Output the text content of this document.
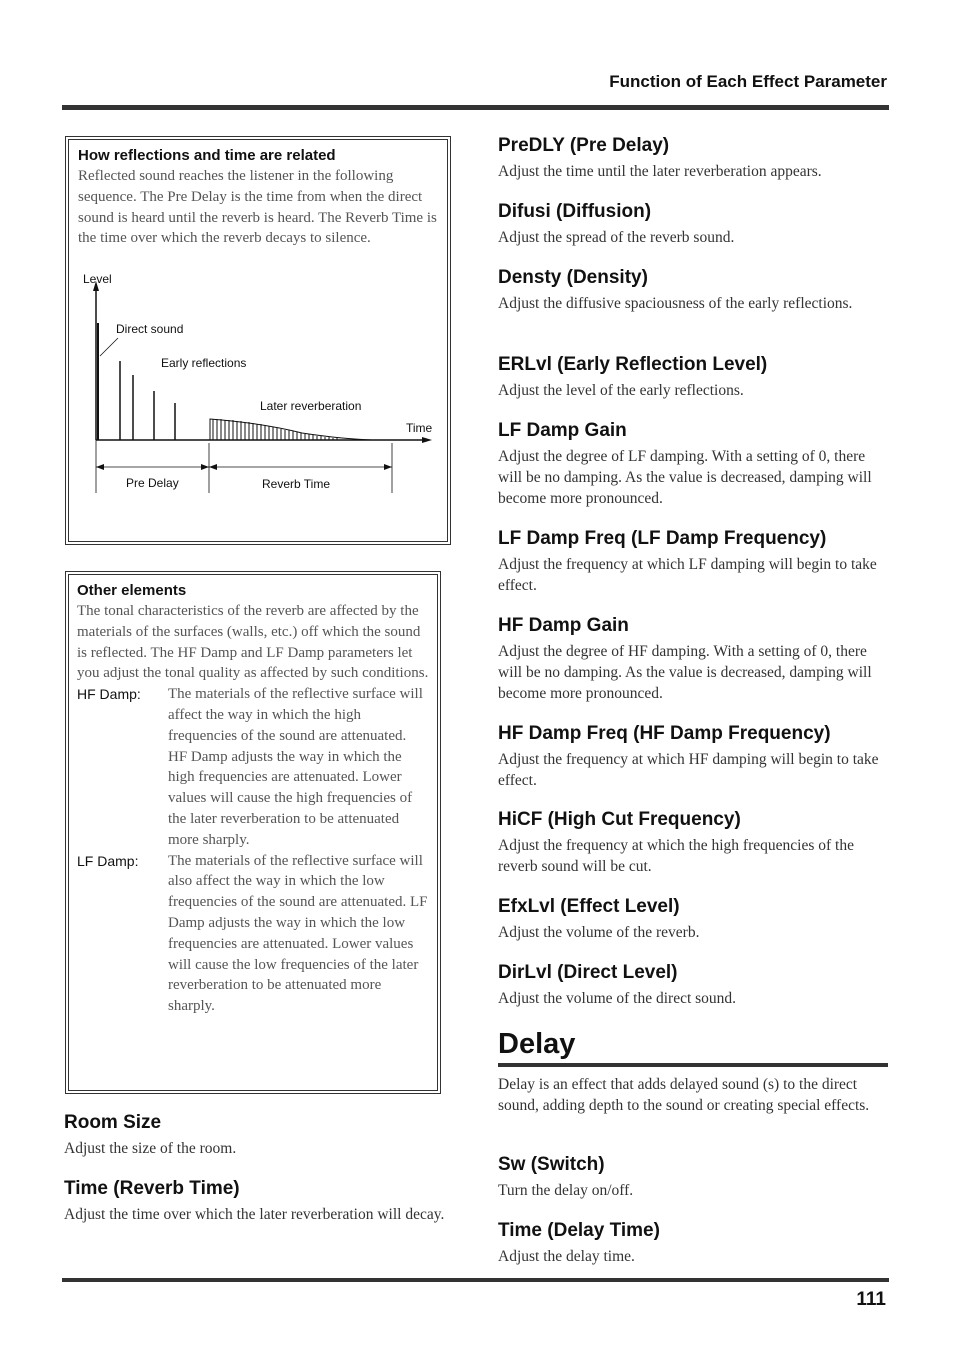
Function of Each Effect Parameter

How reflections and time are related

Reflected sound reaches the listener in the following sequence. The Pre Delay is the time from when the direct sound is heard until the reverb is heard. The Reverb Time is the time over which the reverb decays to silence.

Level
Time
Direct sound
Early reflections
Later reverberation
Pre Delay	Reverb Time

Other elements

The tonal characteristics of the reverb are affected by the materials of the surfaces (walls, etc.) off which the sound is reflected. The HF Damp and LF Damp parameters let you adjust the tonal quality as affected by such conditions.

HF Damp:	The materials of the reflective surface will affect the way in which the high frequencies of the sound are attenuated. HF Damp adjusts the way in which the high frequencies are attenuated. Lower values will cause the high frequencies of the later reverberation to be attenuated more sharply.
LF Damp:	The materials of the reflective surface will also affect the way in which the low frequencies of the sound are attenuated. LF Damp adjusts the way in which the low frequencies are attenuated. Lower values will cause the low frequencies of the later reverberation to be attenuated more sharply.
Room Size

Adjust the size of the room.

Time (Reverb Time)

Adjust the time over which the later reverberation will decay.

PreDLY (Pre Delay)

Adjust the time until the later reverberation appears.

Difusi (Diffusion)

Adjust the spread of the reverb sound.

Densty (Density)

Adjust the diffusive spaciousness of the early reflections.

ERLvl (Early Reflection Level)

Adjust the level of the early reflections.

LF Damp Gain

Adjust the degree of LF damping. With a setting of 0, there will be no damping. As the value is decreased, damping will become more pronounced.

LF Damp Freq (LF Damp Frequency)

Adjust the frequency at which LF damping will begin to take effect.

HF Damp Gain

Adjust the degree of HF damping. With a setting of 0, there will be no damping. As the value is decreased, damping will become more pronounced.

HF Damp Freq (HF Damp Frequency)

Adjust the frequency at which HF damping will begin to take effect.

HiCF (High Cut Frequency)

Adjust the frequency at which the high frequencies of the reverb sound will be cut.

EfxLvl (Effect Level)

Adjust the volume of the reverb.

DirLvl (Direct Level)

Adjust the volume of the direct sound.

Delay

Delay is an effect that adds delayed sound (s) to the direct sound, adding depth to the sound or creating special effects.

Sw (Switch)

Turn the delay on/off.

Time (Delay Time)

Adjust the delay time.

111
